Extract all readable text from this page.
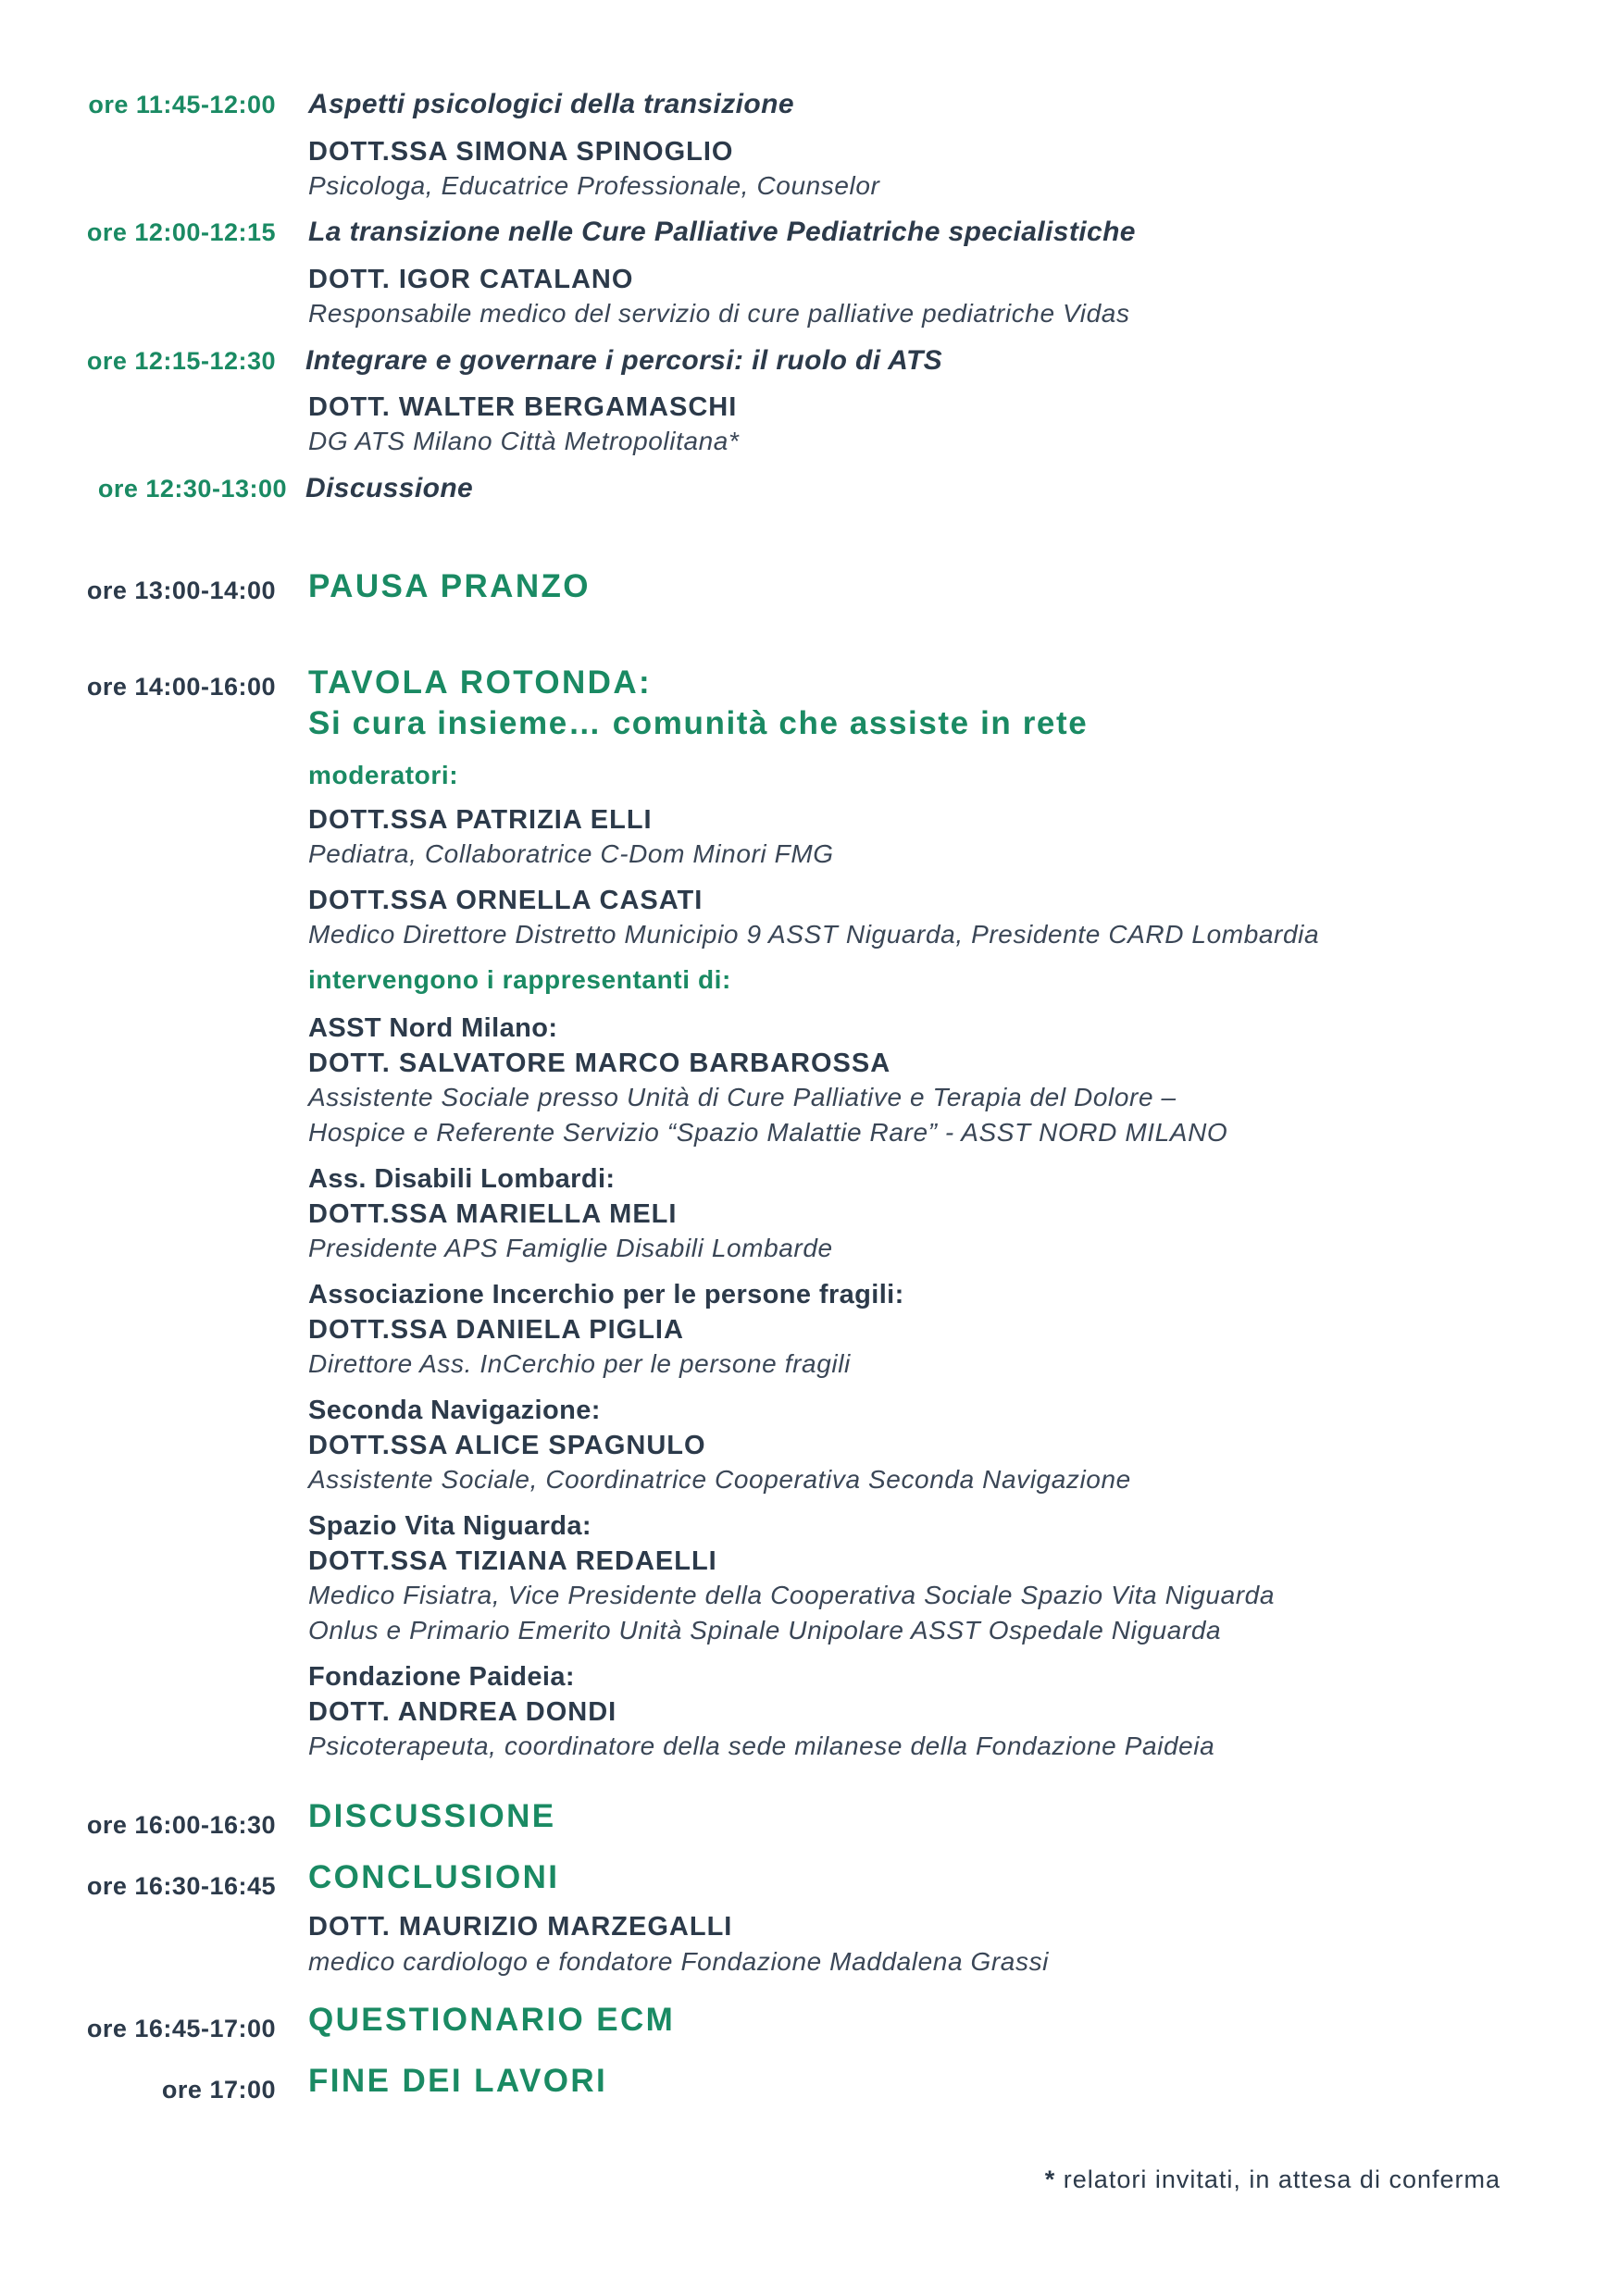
ore 11:45-12:00 Aspetti psicologici della transizione
DOTT.SSA SIMONA SPINOGLIO
Psicologa, Educatrice Professionale, Counselor
ore 12:00-12:15 La transizione nelle Cure Palliative Pediatriche specialistiche
DOTT. IGOR CATALANO
Responsabile medico del servizio di cure palliative pediatriche Vidas
ore 12:15-12:30 Integrare e governare i percorsi: il ruolo di ATS
DOTT. WALTER BERGAMASCHI
DG ATS Milano Città Metropolitana*
ore 12:30-13:00 Discussione
ore 13:00-14:00 PAUSA PRANZO
ore 14:00-16:00 TAVOLA ROTONDA:
Si cura insieme… comunità che assiste in rete
moderatori:
DOTT.SSA PATRIZIA ELLI
Pediatra, Collaboratrice C-Dom Minori FMG
DOTT.SSA ORNELLA CASATI
Medico Direttore Distretto Municipio 9 ASST Niguarda, Presidente CARD Lombardia
intervengono i rappresentanti di:
ASST Nord Milano:
DOTT. SALVATORE MARCO BARBAROSSA
Assistente Sociale presso Unità di Cure Palliative e Terapia del Dolore –
Hospice e Referente Servizio “Spazio Malattie Rare” - ASST NORD MILANO
Ass. Disabili Lombardi:
DOTT.SSA MARIELLA MELI
Presidente APS Famiglie Disabili Lombarde
Associazione Incerchio per le persone fragili:
DOTT.SSA DANIELA PIGLIA
Direttore Ass. InCerchio per le persone fragili
Seconda Navigazione:
DOTT.SSA ALICE SPAGNULO
Assistente Sociale, Coordinatrice Cooperativa Seconda Navigazione
Spazio Vita Niguarda:
DOTT.SSA TIZIANA REDAELLI
Medico Fisiatra, Vice Presidente della Cooperativa Sociale Spazio Vita Niguarda
Onlus e Primario Emerito Unità Spinale Unipolare ASST Ospedale Niguarda
Fondazione Paideia:
DOTT. ANDREA DONDI
Psicoterapeuta, coordinatore della sede milanese della Fondazione Paideia
ore 16:00-16:30 DISCUSSIONE
ore 16:30-16:45 CONCLUSIONI
DOTT. MAURIZIO MARZEGALLI
medico cardiologo e fondatore Fondazione Maddalena Grassi
ore 16:45-17:00 QUESTIONARIO ECM
ore 17:00 FINE DEI LAVORI
* relatori invitati, in attesa di conferma
